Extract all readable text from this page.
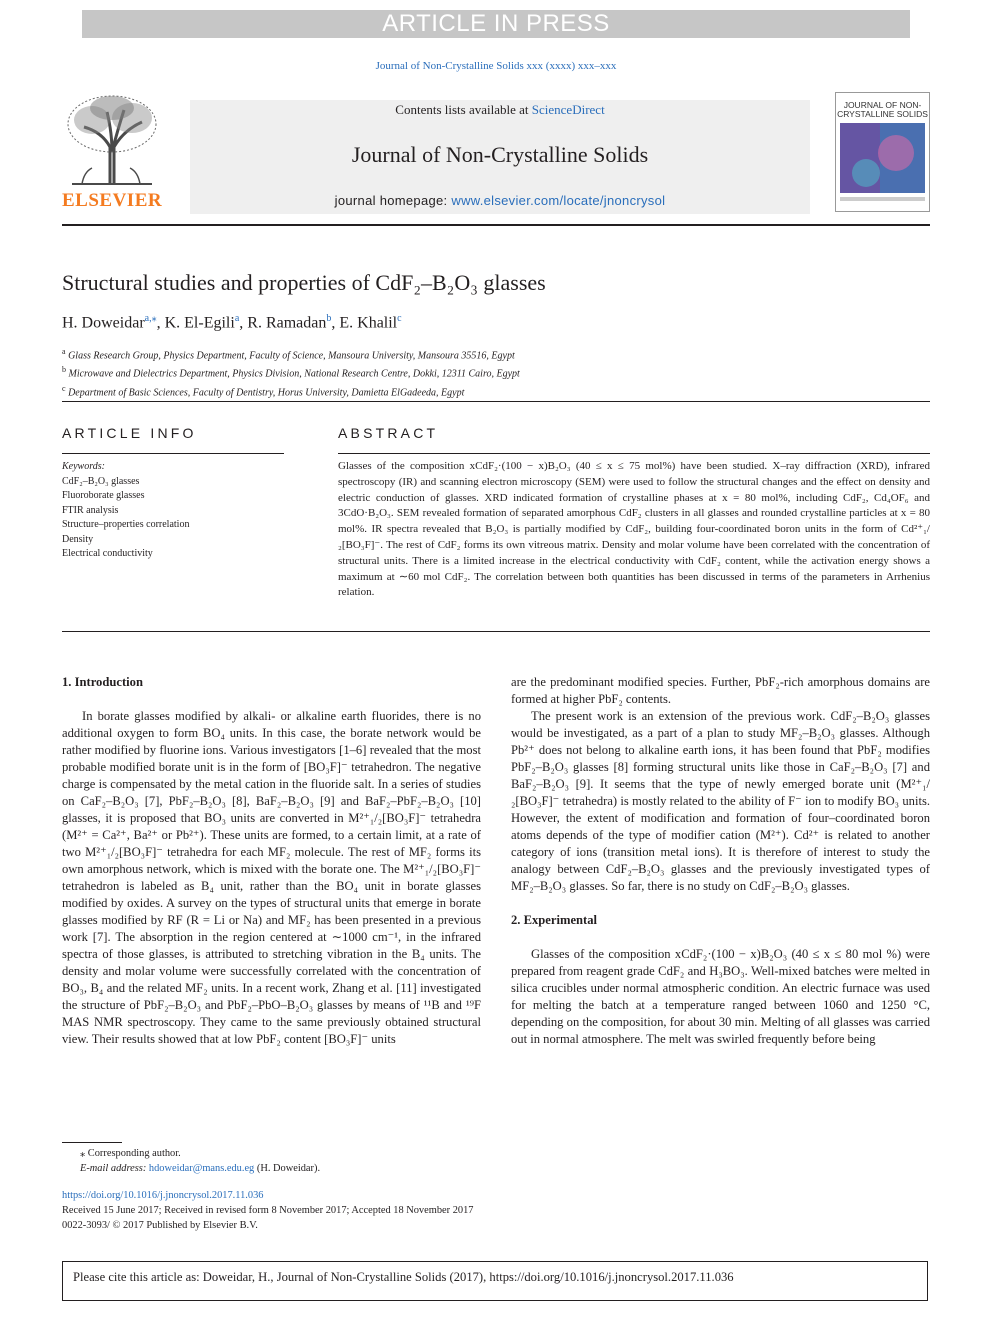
ARTICLE IN PRESS
Journal of Non-Crystalline Solids xxx (xxxx) xxx–xxx
ELSEVIER
Contents lists available at ScienceDirect
Journal of Non-Crystalline Solids
journal homepage: www.elsevier.com/locate/jnoncrysol
JOURNAL OF NON-CRYSTALLINE SOLIDS
Structural studies and properties of CdF₂–B₂O₃ glasses
H. Doweidar$^{a,⁎}$, K. El-Egili$^a$, R. Ramadan$^b$, E. Khalil$^c$
$^a$ Glass Research Group, Physics Department, Faculty of Science, Mansoura University, Mansoura 35516, Egypt
$^b$ Microwave and Dielectrics Department, Physics Division, National Research Centre, Dokki, 12311 Cairo, Egypt
$^c$ Department of Basic Sciences, Faculty of Dentistry, Horus University, Damietta ElGadeeda, Egypt
ARTICLE INFO	ABSTRACT
Keywords:
CdF₂–B₂O₃ glasses
Fluoroborate glasses
FTIR analysis
Structure–properties correlation
Density
Electrical conductivity
Glasses of the composition xCdF₂·(100 − x)B₂O₃ (40 ≤ x ≤ 75 mol%) have been studied. X–ray diffraction (XRD), infrared spectroscopy (IR) and scanning electron microscopy (SEM) were used to follow the structural changes and the effect on density and electric conduction of glasses. XRD indicated formation of crystalline phases at x = 80 mol%, including CdF₂, Cd₄OF₆ and 3CdO·B₂O₃. SEM revealed formation of separated amorphous CdF₂ clusters in all glasses and rounded crystalline particles at x = 80 mol%. IR spectra revealed that B₂O₃ is partially modified by CdF₂, building four-coordinated boron units in the form of Cd²⁺₁/₂[BO₃F]⁻. The rest of CdF₂ forms its own vitreous matrix. Density and molar volume have been correlated with the concentration of structural units. There is a limited increase in the electrical conductivity with CdF₂ content, while the activation energy shows a maximum at ∼60 mol CdF₂. The correlation between both quantities has been discussed in terms of the parameters in Arrhenius relation.

1. Introduction

In borate glasses modified by alkali- or alkaline earth fluorides, there is no additional oxygen to form BO₄ units. In this case, the borate network would be rather modified by fluorine ions. Various investigators [1–6] revealed that the most probable modified borate unit is in the form of [BO₃F]⁻ tetrahedron. The negative charge is compensated by the metal cation in the fluoride salt. In a series of studies on CaF₂–B₂O₃ [7], PbF₂–B₂O₃ [8], BaF₂–B₂O₃ [9] and BaF₂–PbF₂–B₂O₃ [10] glasses, it is proposed that BO₃ units are converted in M²⁺₁/₂[BO₃F]⁻ tetrahedra (M²⁺ = Ca²⁺, Ba²⁺ or Pb²⁺). These units are formed, to a certain limit, at a rate of two M²⁺₁/₂[BO₃F]⁻ tetrahedra for each MF₂ molecule. The rest of MF₂ forms its own amorphous network, which is mixed with the borate one. The M²⁺₁/₂[BO₃F]⁻ tetrahedron is labeled as B₄ unit, rather than the BO₄ unit in borate glasses modified by oxides. A survey on the types of structural units that emerge in borate glasses modified by RF (R = Li or Na) and MF₂ has been presented in a previous work [7]. The absorption in the region centered at ∼1000 cm⁻¹, in the infrared spectra of those glasses, is attributed to stretching vibration in the B₄ units. The density and molar volume were successfully correlated with the concentration of BO₃, B₄ and the related MF₂ units. In a recent work, Zhang et al. [11] investigated the structure of PbF₂–B₂O₃ and PbF₂–PbO–B₂O₃ glasses by means of ¹¹B and ¹⁹F MAS NMR spectroscopy. They came to the same previously obtained structural view. Their results showed that at low PbF₂ content [BO₃F]⁻ units

are the predominant modified species. Further, PbF₂-rich amorphous domains are formed at higher PbF₂ contents.

The present work is an extension of the previous work. CdF₂–B₂O₃ glasses would be investigated, as a part of a plan to study MF₂–B₂O₃ glasses. Although Pb²⁺ does not belong to alkaline earth ions, it has been found that PbF₂ modifies PbF₂–B₂O₃ glasses [8] forming structural units like those in CaF₂–B₂O₃ [7] and BaF₂–B₂O₃ [9]. It seems that the type of newly emerged borate unit (M²⁺₁/₂[BO₃F]⁻ tetrahedra) is mostly related to the ability of F⁻ ion to modify BO₃ units. However, the extent of modification and formation of four–coordinated boron atoms depends of the type of modifier cation (M²⁺). Cd²⁺ is related to another category of ions (transition metal ions). It is therefore of interest to study the analogy between CdF₂–B₂O₃ glasses and the previously investigated types of MF₂–B₂O₃ glasses. So far, there is no study on CdF₂–B₂O₃ glasses.

2. Experimental

Glasses of the composition xCdF₂·(100 − x)B₂O₃ (40 ≤ x ≤ 80 mol %) were prepared from reagent grade CdF₂ and H₃BO₃. Well-mixed batches were melted in silica crucibles under normal atmospheric condition. An electric furnace was used for melting the batch at a temperature ranged between 1060 and 1250 °C, depending on the composition, for about 30 min. Melting of all glasses was carried out in normal atmosphere. The melt was swirled frequently before being

⁎ Corresponding author.
E-mail address: hdoweidar@mans.edu.eg (H. Doweidar).
https://doi.org/10.1016/j.jnoncrysol.2017.11.036
Received 15 June 2017; Received in revised form 8 November 2017; Accepted 18 November 2017
0022-3093/ © 2017 Published by Elsevier B.V.
Please cite this article as: Doweidar, H., Journal of Non-Crystalline Solids (2017), https://doi.org/10.1016/j.jnoncrysol.2017.11.036
